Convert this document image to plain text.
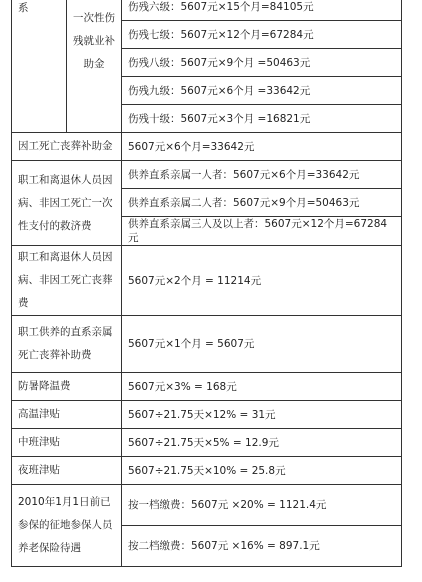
系	一次性伤残就业补助金	伤残六级：5607元×15个月=84105元
		伤残七级：5607元×12个月=67284元
		伤残八级：5607元×9个月 =50463元
		伤残九级：5607元×6个月 =33642元
		伤残十级：5607元×3个月 =16821元
因工死亡丧葬补助金		5607元×6个月=33642元
职工和离退休人员因病、非因工死亡一次性支付的救济费		供养直系亲属一人者：5607元×6个月=33642元
		供养直系亲属二人者：5607元×9个月=50463元
		供养直系亲属三人及以上者：5607元×12个月=67284元
职工和离退休人员因病、非因工死亡丧葬费		5607元×2个月 = 11214元
职工供养的直系亲属死亡丧葬补助费		5607元×1个月 = 5607元
防暑降温费		5607元×3% = 168元
高温津贴		5607÷21.75天×12% = 31元
中班津贴		5607÷21.75天×5% = 12.9元
夜班津贴		5607÷21.75天×10% = 25.8元
2010年1月1日前已参保的征地参保人员养老保险待遇		按一档缴费：5607元 ×20% = 1121.4元
		按二档缴费：5607元 ×16% = 897.1元
